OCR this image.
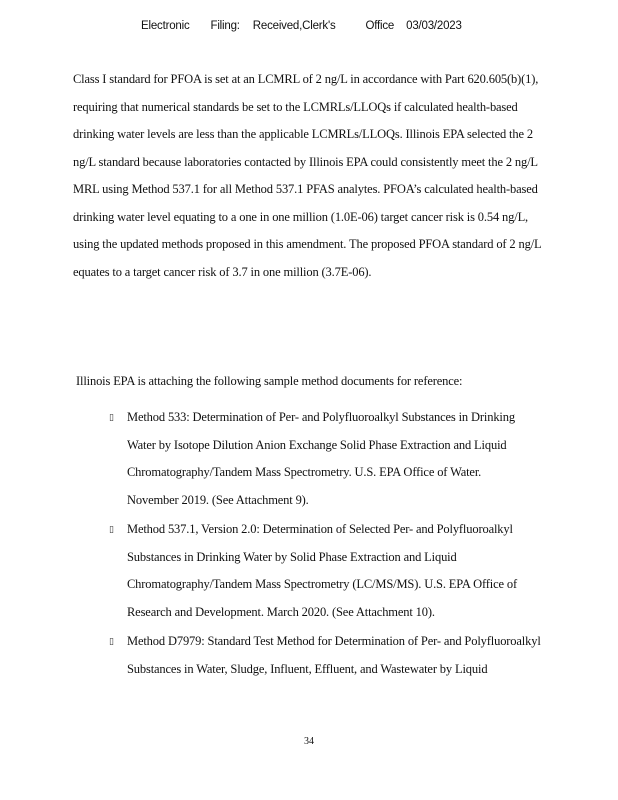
Electronic Filing: Received,Clerk's	Office 03/03/2023
Class I standard for PFOA is set at an LCMRL of 2 ng/L in accordance with Part 620.605(b)(1),
requiring that numerical standards be set to the LCMRLs/LLOQs if calculated health-based
drinking water levels are less than the applicable LCMRLs/LLOQs. Illinois EPA selected the 2
ng/L standard because laboratories contacted by Illinois EPA could consistently meet the 2 ng/L
MRL using Method 537.1 for all Method 537.1 PFAS analytes. PFOA’s calculated health-based
drinking water level equating to a one in one million (1.0E-06) target cancer risk is 0.54 ng/L,
using the updated methods proposed in this amendment. The proposed PFOA standard of 2 ng/L
equates to a target cancer risk of 3.7 in one million (3.7E-06).
Illinois EPA is attaching the following sample method documents for reference:
▯ Method 533: Determination of Per- and Polyfluoroalkyl Substances in Drinking
Water by Isotope Dilution Anion Exchange Solid Phase Extraction and Liquid
Chromatography/Tandem Mass Spectrometry. U.S. EPA Office of Water.
November 2019. (See Attachment 9).
▯ Method 537.1, Version 2.0: Determination of Selected Per- and Polyfluoroalkyl
Substances in Drinking Water by Solid Phase Extraction and Liquid
Chromatography/Tandem Mass Spectrometry (LC/MS/MS). U.S. EPA Office of
Research and Development. March 2020. (See Attachment 10).
▯ Method D7979: Standard Test Method for Determination of Per- and Polyfluoroalkyl
Substances in Water, Sludge, Influent, Effluent, and Wastewater by Liquid
34
